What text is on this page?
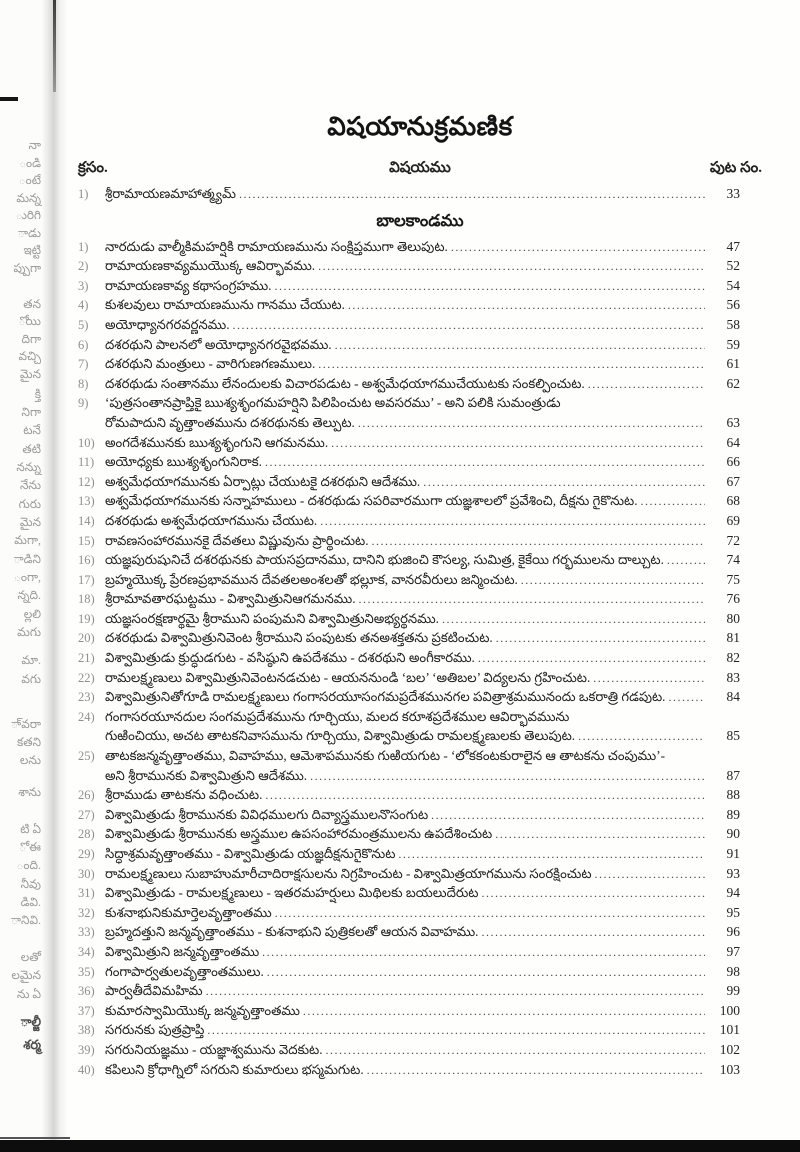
నా
ండి
ంటే
మన్న
ురిగి
ాడు
ఇట్టి
ప్పుగా
తన
ోయి
దిగా
వచ్చి
మైన
క్తి
నిగా
టనే
తటి
నన్ను
నేను
గురు
మైన
మగా,
ాడిని
ంగా,
న్నది.
ల్లలి
మగు
మా.
వగు
ా్వరా
కతని
లను
శాను
టి ఏ
ో ఈ
ంది.
నీవు
డివి.
ానివి.
లతో
లమైన
ను ఏ
ాల్జీ
శర్మ
విషయానుక్రమణిక
క్రసం.	విషయము	పుట సం.
1)	శ్రీరామాయణమాహాత్మ్యమ్ .....	33
బాలకాండము
1)	నారదుడు వాల్మీకిమహర్షికి రామాయణమును సంక్షిప్తముగా తెలుపుట. .....	47
2)	రామాయణకావ్యముయొక్క ఆవిర్భావము. .....	52
3)	రామాయణకావ్య కథాసంగ్రహము. .....	54
4)	కుశలవులు రామాయణమును గానము చేయుట. .....	56
5)	అయోధ్యానగరవర్ణనము. .....	58
6)	దశరథుని పాలనలో అయోధ్యానగరవైభవము. .....	59
7)	దశరథుని మంత్రులు - వారిగుణగణములు. .....	61
8)	దశరథుడు సంతానము లేనందులకు విచారపడుట - అశ్వమేధయాగముచేయుటకు సంకల్పించుట. .....	62
9)	‘పుత్రసంతానప్రాప్తికై ఋశ్యశృంగమహర్షిని పిలిపించుట అవసరము’ - అని పలికి సుమంత్రుడు
రోమపాదుని వృత్తాంతమును దశరథునకు తెల్పుట. .....	63
10) అంగదేశమునకు ఋశ్యశృంగుని ఆగమనము. .....	64
11) అయోధ్యకు ఋశ్యశృంగునిరాక. .....	66
12) అశ్వమేధయాగమునకు ఏర్పాట్లు చేయుటకై దశరథుని ఆదేశము. .....	67
13) అశ్వమేధయాగమునకు సన్నాహములు - దశరథుడు సపరివారముగా యజ్ఞశాలలో ప్రవేశించి, దీక్షను గైకొనుట. .....	68
14) దశరథుడు అశ్వమేధయాగమును చేయుట. .....	69
15) రావణసంహారమునకై దేవతలు విష్ణువును ప్రార్థించుట. .....	72
16) యజ్ఞపురుషునిచే దశరథునకు పాయసప్రదానము, దానిని భుజించి కౌసల్య, సుమిత్ర, కైకేయి గర్భములను దాల్చుట. .....	74
17) బ్రహ్మయొక్క ప్రేరణప్రభావమున దేవతలఅంశలతో భల్లూక, వానరవీరులు జన్మించుట. .....	75
18) శ్రీరామావతారఘట్టము - విశ్వామిత్రునిఆగమనము. .....	76
19) యజ్ఞసంరక్షణార్థమై శ్రీరాముని పంపుమని విశ్వామిత్రునిఅభ్యర్థనము. .....	80
20) దశరథుడు విశ్వామిత్రునివెంట శ్రీరాముని పంపుటకు తనఅశక్తతను ప్రకటించుట. .....	81
21) విశ్వామిత్రుడు క్రుద్ధుడగుట - వసిష్ఠుని ఉపదేశము - దశరథుని అంగీకారము. .....	82
22) రామలక్ష్మణులు విశ్వామిత్రునివెంటనడచుట - ఆయననుండి ‘బల’ ‘అతిబల’ విద్యలను గ్రహించుట. .....	83
23) విశ్వామిత్రునితోగూడి రామలక్ష్మణులు గంగాసరయూసంగమప్రదేశమునగల పవిత్రాశ్రమమునందు ఒకరాత్రి గడపుట. .....	84
24) గంగాసరయూనదుల సంగమప్రదేశమును గూర్చియు, మలద కరూశప్రదేశముల ఆవిర్భావమును
గుఱించియు, అచట తాటకనివాసమును గూర్చియు, విశ్వామిత్రుడు రామలక్ష్మణులకు తెలుపుట. .....	85
25) తాటకజన్మవృత్తాంతము, వివాహము, ఆమెశాపమునకు గుఱియగుట - ‘లోకకంటకురాలైన ఆ తాటకను చంపుము’-
అని శ్రీరామునకు విశ్వామిత్రుని ఆదేశము. .....	87
26) శ్రీరాముడు తాటకను వధించుట. .....	88
27) విశ్వామిత్రుడు శ్రీరామునకు వివిధములగు దివ్యాస్త్రములనొసంగుట .....	89
28) విశ్వామిత్రుడు శ్రీరామునకు అస్త్రముల ఉపసంహారమంత్రములను ఉపదేశించుట .....	90
29) సిద్ధాశ్రమవృత్తాంతము - విశ్వామిత్రుడు యజ్ఞదీక్షనుగైకొనుట .....	91
30) రామలక్ష్మణులు సుబాహుమారీచాదిరాక్షసులను నిగ్రహించుట - విశ్వామిత్రయాగమును సంరక్షించుట .....	93
31) విశ్వామిత్రుడు - రామలక్ష్మణులు - ఇతరమహర్షులు మిథిలకు బయలుదేరుట .....	94
32) కుశనాభునికుమార్తెలవృత్తాంతము .....	95
33) బ్రహ్మదత్తుని జన్మవృత్తాంతము - కుశనాభుని పుత్రికలతో ఆయన వివాహము. .....	96
34) విశ్వామిత్రుని జన్మవృత్తాంతము .....	97
35) గంగాపార్వతులవృత్తాంతములు. .....	98
36) పార్వతీదేవిమహిమ .....	99
37) కుమారస్వామియొక్క జన్మవృత్తాంతము .....	100
38) సగరునకు పుత్రప్రాప్తి .....	101
39) సగరునియజ్ఞము - యజ్ఞాశ్వమును వెదకుట. .....	102
40) కపిలుని క్రోధాగ్నిలో సగరుని కుమారులు భస్మమగుట. .....	103
